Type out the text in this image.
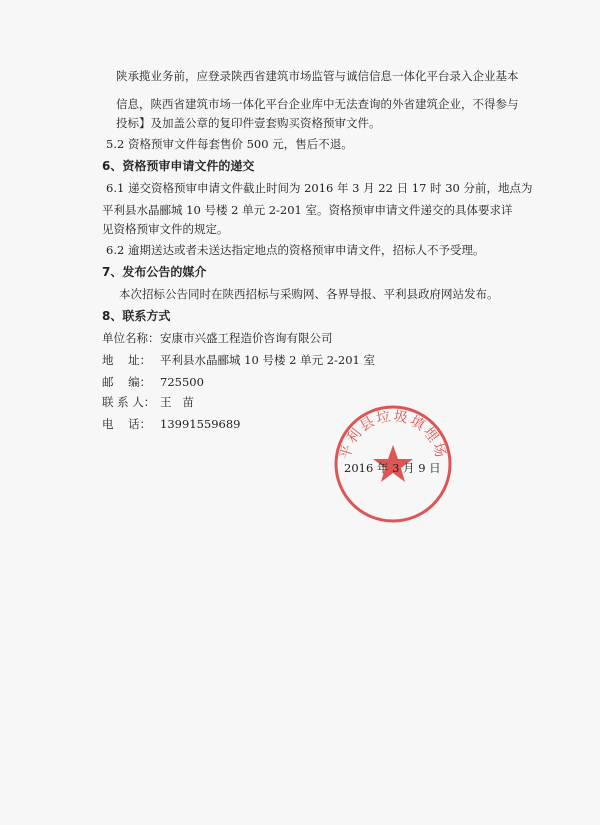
陕承揽业务前，应登录陕西省建筑市场监管与诚信信息一体化平台录入企业基本
信息，陕西省建筑市场一体化平台企业库中无法查询的外省建筑企业，不得参与
投标】及加盖公章的复印件壹套购买资格预审文件。
5.2 资格预审文件每套售价 500 元，售后不退。
6、资格预审申请文件的递交
6.1 递交资格预审申请文件截止时间为 2016 年 3 月 22 日 17 时 30 分前，地点为
平利县水晶郦城 10 号楼 2 单元 2-201 室。资格预审申请文件递交的具体要求详
见资格预审文件的规定。
6.2 逾期送达或者未送达指定地点的资格预审申请文件，招标人不予受理。
7、发布公告的媒介
本次招标公告同时在陕西招标与采购网、各界导报、平利县政府网站发布。
8、联系方式
单位名称：安康市兴盛工程造价咨询有限公司
地    址： 平利县水晶郦城 10 号楼 2 单元 2-201 室
邮    编： 725500
联 系 人： 王   苗
电    话： 13991559689
平利县垃圾填埋场
2016 年 3 月 9 日
